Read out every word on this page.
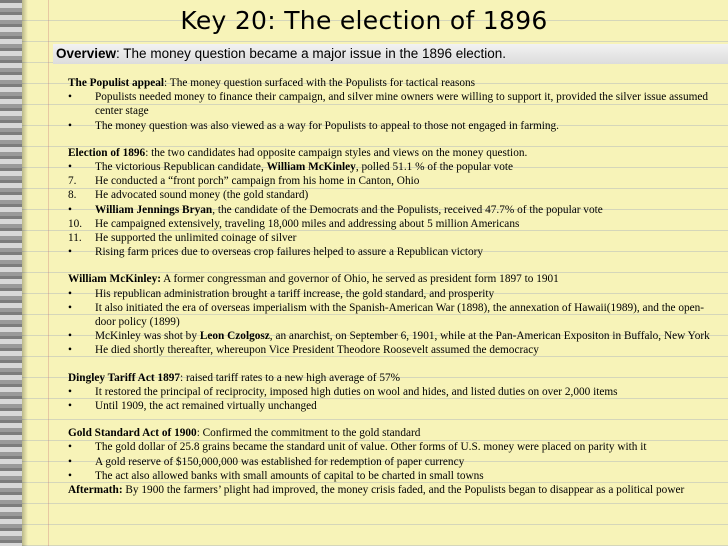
Key 20: The election of 1896
Overview: The money question became a major issue in the 1896 election.
The Populist appeal: The money question surfaced with the Populists for tactical reasons
• Populists needed money to finance their campaign, and silver mine owners were willing to support it, provided the silver issue assumed center stage
• The money question was also viewed as a way for Populists to appeal to those not engaged in farming.
Election of 1896: the two candidates had opposite campaign styles and views on the money question.
• The victorious Republican candidate, William McKinley, polled 51.1 % of the popular vote
7. He conducted a “front porch” campaign from his home in Canton, Ohio
8. He advocated sound money (the gold standard)
• William Jennings Bryan, the candidate of the Democrats and the Populists, received 47.7% of the popular vote
10. He campaigned extensively, traveling 18,000 miles and addressing about 5 million Americans
11. He supported the unlimited coinage of silver
• Rising farm prices due to overseas crop failures helped to assure a Republican victory
William McKinley: A former congressman and governor of Ohio, he served as president form 1897 to 1901
• His republican administration brought a tariff increase, the gold standard, and prosperity
• It also initiated the era of overseas imperialism with the Spanish-American War (1898), the annexation of Hawaii(1989), and the open-door policy (1899)
• McKinley was shot by Leon Czolgosz, an anarchist, on September 6, 1901, while at the Pan-American Expositon in Buffalo, New York
• He died shortly thereafter, whereupon Vice President Theodore Roosevelt assumed the democracy
Dingley Tariff Act 1897: raised tariff rates to a new high average of 57%
• It restored the principal of reciprocity, imposed high duties on wool and hides, and listed duties on over 2,000 items
• Until 1909, the act remained virtually unchanged
Gold Standard Act of 1900: Confirmed the commitment to the gold standard
• The gold dollar of 25.8 grains became the standard unit of value. Other forms of U.S. money were placed on parity with it
• A gold reserve of $150,000,000 was established for redemption of paper currency
• The act also allowed banks with small amounts of capital to be charted in small towns
Aftermath: By 1900 the farmers’ plight had improved, the money crisis faded, and the Populists began to disappear as a political power
